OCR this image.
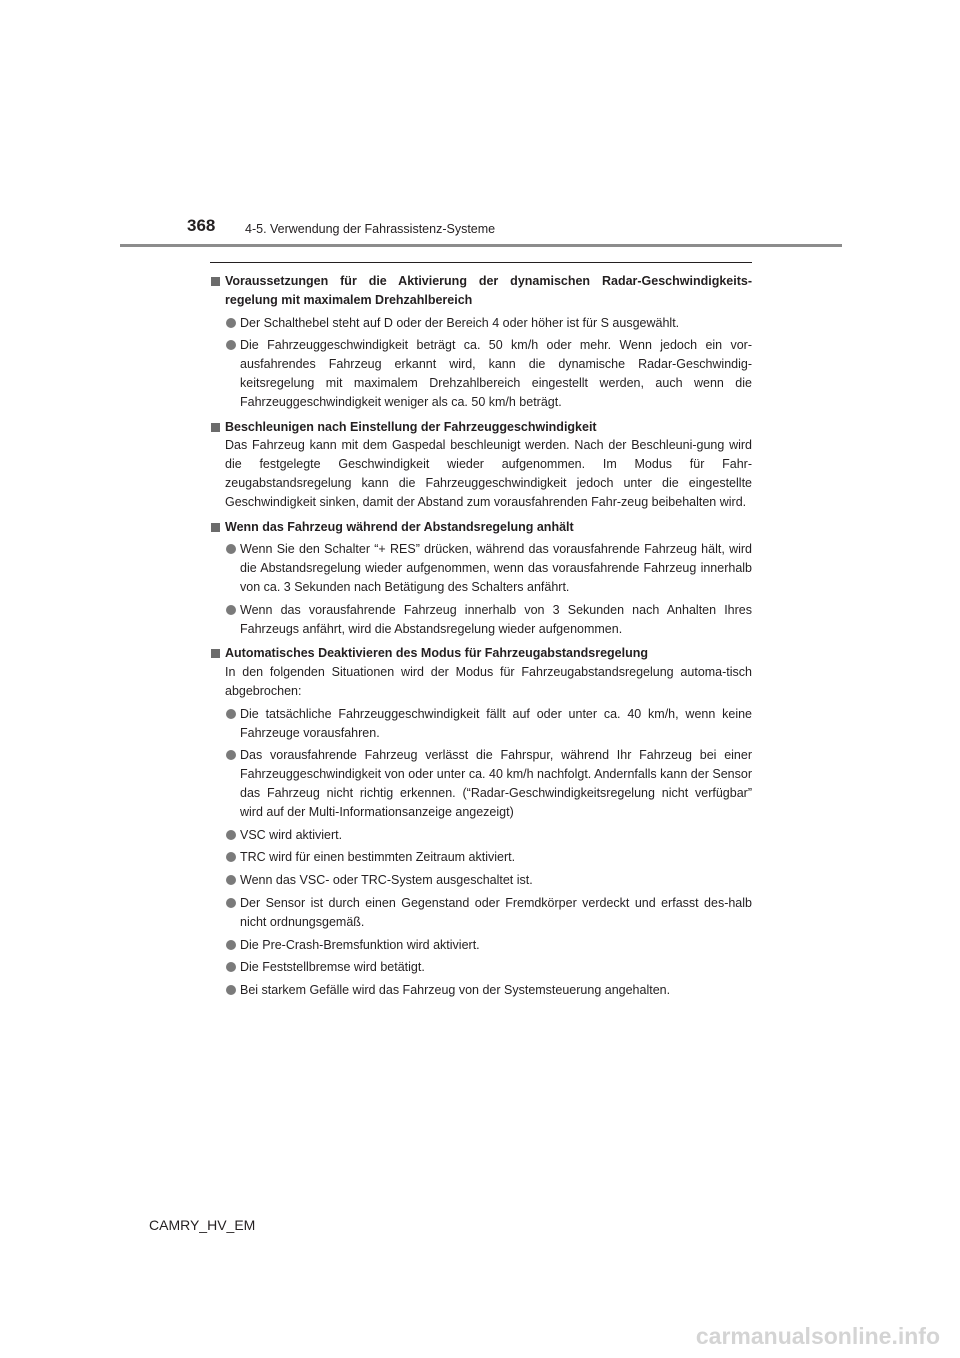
368 4-5. Verwendung der Fahrassistenz-Systeme
Voraussetzungen für die Aktivierung der dynamischen Radar-Geschwindigkeits-regelung mit maximalem Drehzahlbereich
Der Schalthebel steht auf D oder der Bereich 4 oder höher ist für S ausgewählt.
Die Fahrzeuggeschwindigkeit beträgt ca. 50 km/h oder mehr. Wenn jedoch ein vor-ausfahrendes Fahrzeug erkannt wird, kann die dynamische Radar-Geschwindig-keitsregelung mit maximalem Drehzahlbereich eingestellt werden, auch wenn die Fahrzeuggeschwindigkeit weniger als ca. 50 km/h beträgt.
Beschleunigen nach Einstellung der Fahrzeuggeschwindigkeit
Das Fahrzeug kann mit dem Gaspedal beschleunigt werden. Nach der Beschleuni-gung wird die festgelegte Geschwindigkeit wieder aufgenommen. Im Modus für Fahr-zeugabstandsregelung kann die Fahrzeuggeschwindigkeit jedoch unter die eingestellte Geschwindigkeit sinken, damit der Abstand zum vorausfahrenden Fahr-zeug beibehalten wird.
Wenn das Fahrzeug während der Abstandsregelung anhält
Wenn Sie den Schalter “+ RES” drücken, während das vorausfahrende Fahrzeug hält, wird die Abstandsregelung wieder aufgenommen, wenn das vorausfahrende Fahrzeug innerhalb von ca. 3 Sekunden nach Betätigung des Schalters anfährt.
Wenn das vorausfahrende Fahrzeug innerhalb von 3 Sekunden nach Anhalten Ihres Fahrzeugs anfährt, wird die Abstandsregelung wieder aufgenommen.
Automatisches Deaktivieren des Modus für Fahrzeugabstandsregelung
In den folgenden Situationen wird der Modus für Fahrzeugabstandsregelung automa-tisch abgebrochen:
Die tatsächliche Fahrzeuggeschwindigkeit fällt auf oder unter ca. 40 km/h, wenn keine Fahrzeuge vorausfahren.
Das vorausfahrende Fahrzeug verlässt die Fahrspur, während Ihr Fahrzeug bei einer Fahrzeuggeschwindigkeit von oder unter ca. 40 km/h nachfolgt. Andernfalls kann der Sensor das Fahrzeug nicht richtig erkennen. (“Radar-Geschwindigkeitsregelung nicht verfügbar” wird auf der Multi-Informationsanzeige angezeigt)
VSC wird aktiviert.
TRC wird für einen bestimmten Zeitraum aktiviert.
Wenn das VSC- oder TRC-System ausgeschaltet ist.
Der Sensor ist durch einen Gegenstand oder Fremdkörper verdeckt und erfasst des-halb nicht ordnungsgemäß.
Die Pre-Crash-Bremsfunktion wird aktiviert.
Die Feststellbremse wird betätigt.
Bei starkem Gefälle wird das Fahrzeug von der Systemsteuerung angehalten.
CAMRY_HV_EM
carmanualsonline.info
